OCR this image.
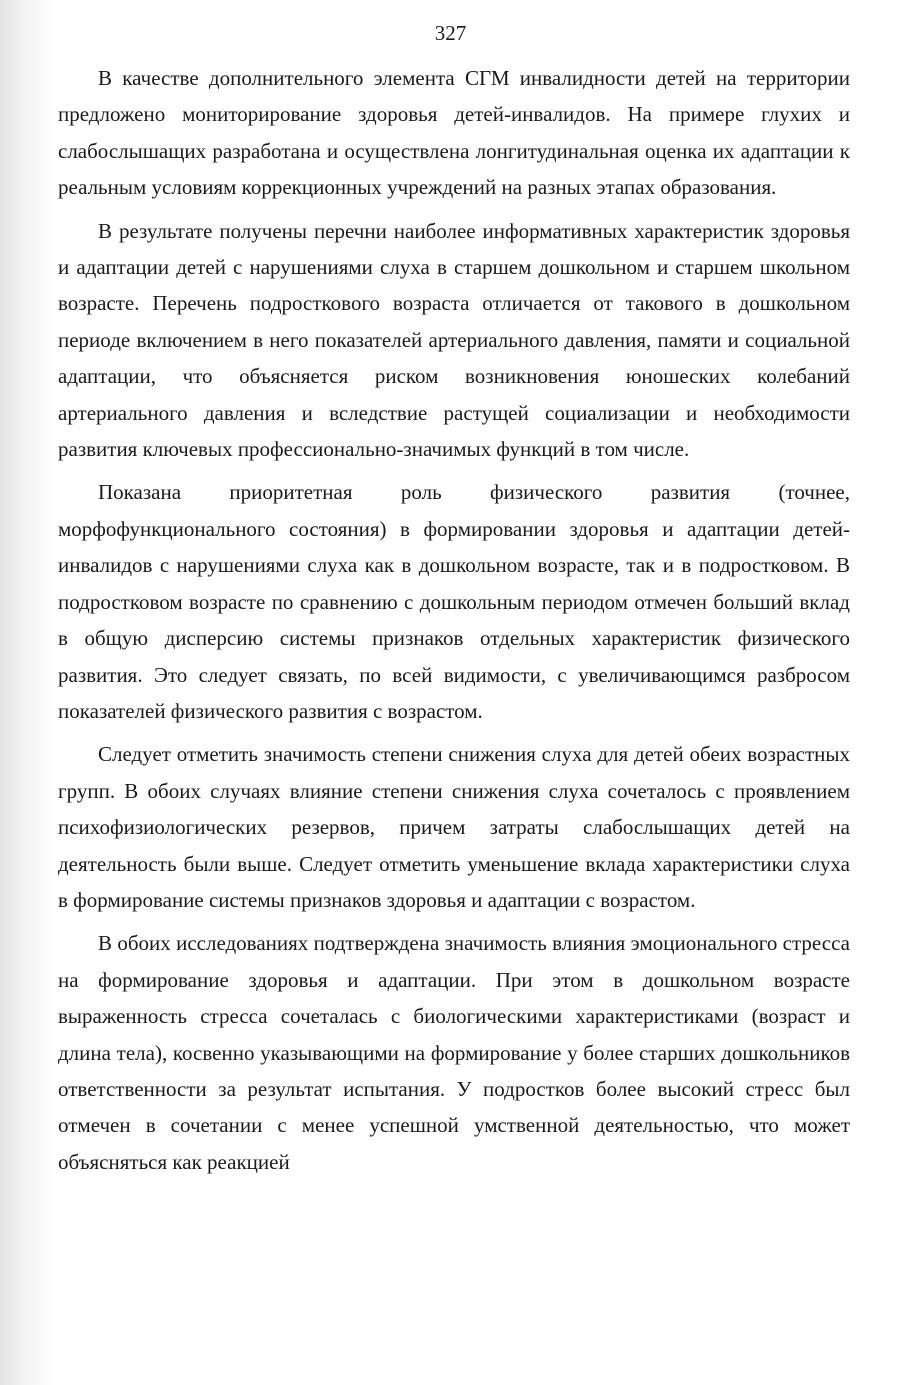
327

В качестве дополнительного элемента СГМ инвалидности детей на территории предложено мониторирование здоровья детей-инвалидов. На примере глухих и слабослышащих разработана и осуществлена лонгитудинальная оценка их адаптации к реальным условиям коррекционных учреждений на разных этапах образования.

В результате получены перечни наиболее информативных характеристик здоровья и адаптации детей с нарушениями слуха в старшем дошкольном и старшем школьном возрасте. Перечень подросткового возраста отличается от такового в дошкольном периоде включением в него показателей артериального давления, памяти и социальной адаптации, что объясняется риском возникновения юношеских колебаний артериального давления и вследствие растущей социализации и необходимости развития ключевых профессионально-значимых функций в том числе.

Показана приоритетная роль физического развития (точнее, морфофункционального состояния) в формировании здоровья и адаптации детей-инвалидов с нарушениями слуха как в дошкольном возрасте, так и в подростковом. В подростковом возрасте по сравнению с дошкольным периодом отмечен больший вклад в общую дисперсию системы признаков отдельных характеристик физического развития. Это следует связать, по всей видимости, с увеличивающимся разбросом показателей физического развития с возрастом.

Следует отметить значимость степени снижения слуха для детей обеих возрастных групп. В обоих случаях влияние степени снижения слуха сочеталось с проявлением психофизиологических резервов, причем затраты слабослышащих детей на деятельность были выше. Следует отметить уменьшение вклада характеристики слуха в формирование системы признаков здоровья и адаптации с возрастом.

В обоих исследованиях подтверждена значимость влияния эмоционального стресса на формирование здоровья и адаптации. При этом в дошкольном возрасте выраженность стресса сочеталась с биологическими характеристиками (возраст и длина тела), косвенно указывающими на формирование у более старших дошкольников ответственности за результат испытания. У подростков более высокий стресс был отмечен в сочетании с менее успешной умственной деятельностью, что может объясняться как реакцией
